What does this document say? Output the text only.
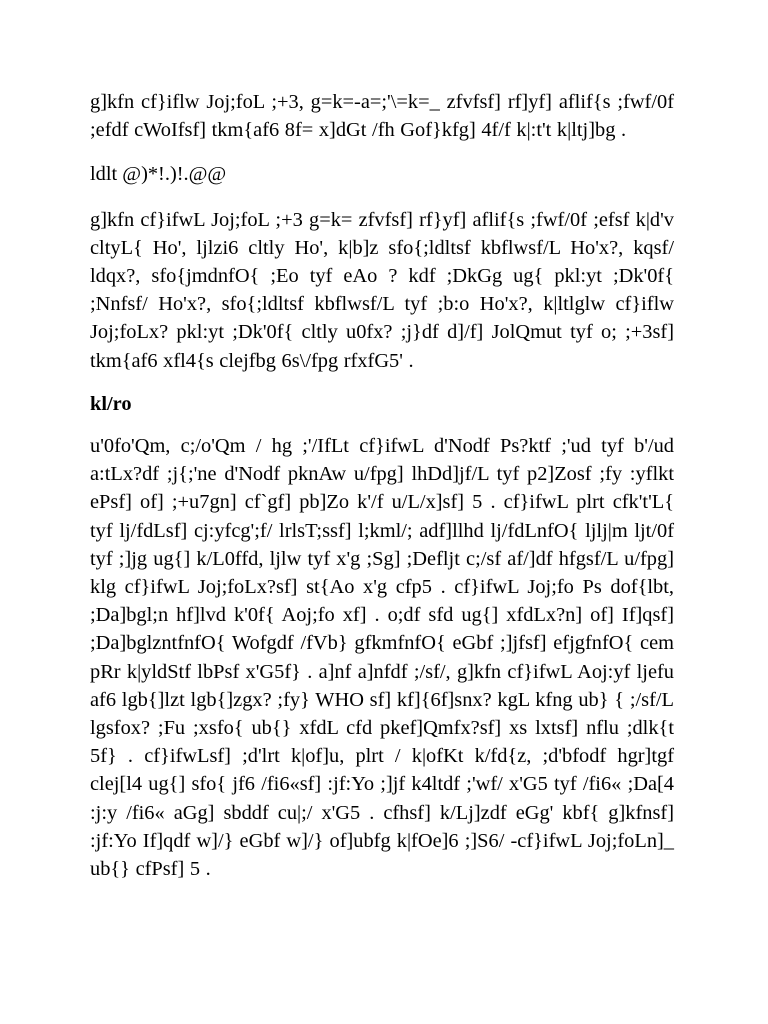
g]kfn cf}iflw Joj;foL ;+3, g=k=-a=;'\=k=_ zfvfsf] rf]yf] aflif{s ;fwf/0f ;efdf cWoIfsf] tkm{af6 8f= x]dGt /fh Gof}kfg] 4f/f k|:t't k|ltj]bg .

ldlt @)*!.)!.@@

g]kfn cf}ifwL Joj;foL ;+3 g=k= zfvfsf] rf}yf] aflif{s ;fwf/0f ;efsf k|d'v cltyL{ Ho', ljlzi6 cltly Ho', k|b]z sfo{;ldltsf kbflwsf/L Ho'x?, kqsf/ ldqx?, sfo{jmdnfO{ ;Eo tyf eAo ? kdf ;DkGg ug{ pkl:yt ;Dk'0f{ ;Nnfsf/ Ho'x?, sfo{;ldltsf kbflwsf/L tyf ;b:o Ho'x?, k|ltlglw cf}iflw Joj;foLx? pkl:yt ;Dk'0f{ cltly u0fx? ;j}df d]/f] JolQmut tyf o; ;+3sf] tkm{af6 xfl4{s clejfbg 6s\/fpg rfxfG5' .

kl/ro

u'0fo'Qm, c;/o'Qm / hg ;'/IfLt cf}ifwL d'Nodf Ps?ktf ;'ud tyf b'/ud a:tLx?df ;j{;'ne d'Nodf pknAw u/fpg] lhDd]jf/L tyf p2]Zosf ;fy :yflkt ePsf] of] ;+u7gn] cf`gf] pb]Zo k'/f u/L/x]sf] 5 . cf}ifwL plrt cfk't'L{ tyf lj/fdLsf] cj:yfcg';f/ lrlsT;ssf] l;kml/; adf]llhd lj/fdLnfO{ ljlj|m ljt/0f tyf ;]jg ug{] k/L0ffd, ljlw tyf x'g ;Sg] ;Defljt c;/sf af/]df hfgsf/L u/fpg] klg cf}ifwL Joj;foLx?sf] st{Ao x'g cfp5 . cf}ifwL Joj;fo Ps dof{lbt, ;Da]bgl;n hf]lvd k'0f{ Aoj;fo xf] . o;df sfd ug{] xfdLx?n] of] If]qsf] ;Da]bglzntfnfO{ Wofgdf /fVb} gfkmfnfO{ eGbf ;]jfsf] efjgfnfO{ cem pRr k|yldStf lbPsf x'G5f} . a]nf a]nfdf ;/sf/, g]kfn cf}ifwL Aoj:yf ljefu af6 lgb{]lzt lgb{]zgx? ;fy} WHO sf] kf]{6f]snx? kgL kfng ub} { ;/sf/L lgsfox? ;Fu ;xsfo{ ub{} xfdL cfd pkef]Qmfx?sf] xs lxtsf] nflu ;dlk{t 5f} . cf}ifwLsf] ;d'lrt k|of]u, plrt / k|ofKt k/fd{z, ;d'bfodf hgr]tgf clej[l4 ug{] sfo{ jf6 /fi6«sf] :jf:Yo ;]jf k4ltdf ;'wf/ x'G5 tyf /fi6« ;Da[4 :j:y /fi6« aGg] sbddf cu|;/ x'G5 . cfhsf] k/Lj]zdf eGg' kbf{ g]kfnsf] :jf:Yo If]qdf w]/} eGbf w]/} of]ubfg k|fOe]6 ;]S6/ -cf}ifwL Joj;foLn]_ ub{} cfPsf] 5 .
